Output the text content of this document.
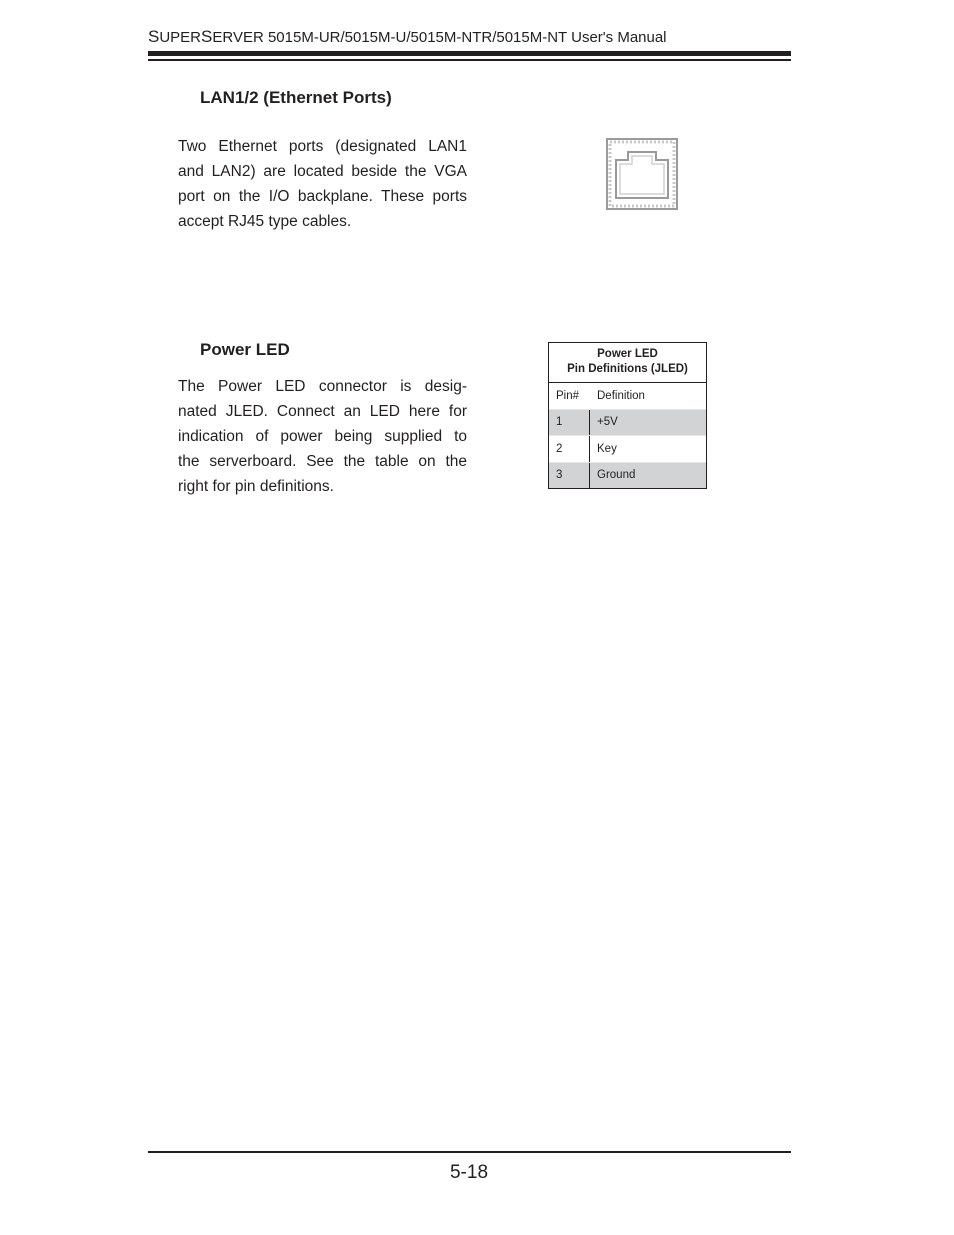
SUPERSERVER 5015M-UR/5015M-U/5015M-NTR/5015M-NT User's Manual
LAN1/2 (Ethernet Ports)
Two Ethernet ports (designated LAN1
and LAN2) are located beside the VGA
port on the I/O backplane. These ports
accept RJ45 type cables.
Power LED
The Power LED connector is desig-
nated JLED. Connect an LED here for
indication of power being supplied to
the serverboard. See the table on the
right for pin definitions.
Power LED
Pin Definitions (JLED)
Pin#	Definition
1	+5V
2	Key
3	Ground
5-18
